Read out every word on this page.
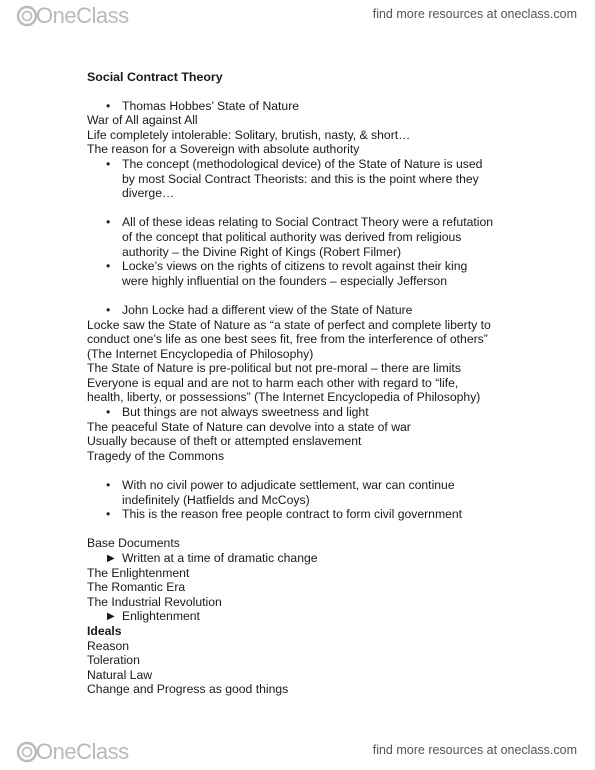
OneClass	find more resources at oneclass.com
Social Contract Theory
• Thomas Hobbes’ State of Nature
War of All against All
Life completely intolerable: Solitary, brutish, nasty, & short…
The reason for a Sovereign with absolute authority
• The concept (methodological device) of the State of Nature is used
by most Social Contract Theorists: and this is the point where they
diverge…
• All of these ideas relating to Social Contract Theory were a refutation
of the concept that political authority was derived from religious
authority – the Divine Right of Kings (Robert Filmer)
• Locke’s views on the rights of citizens to revolt against their king
were highly influential on the founders – especially Jefferson
• John Locke had a different view of the State of Nature
Locke saw the State of Nature as “a state of perfect and complete liberty to
conduct one’s life as one best sees fit, free from the interference of others”
(The Internet Encyclopedia of Philosophy)
The State of Nature is pre-political but not pre-moral – there are limits
Everyone is equal and are not to harm each other with regard to “life,
health, liberty, or possessions” (The Internet Encyclopedia of Philosophy)
• But things are not always sweetness and light
The peaceful State of Nature can devolve into a state of war
Usually because of theft or attempted enslavement
Tragedy of the Commons
• With no civil power to adjudicate settlement, war can continue
indefinitely (Hatfields and McCoys)
• This is the reason free people contract to form civil government
Base Documents
▶ Written at a time of dramatic change
The Enlightenment
The Romantic Era
The Industrial Revolution
▶ Enlightenment
Ideals
Reason
Toleration
Natural Law
Change and Progress as good things
OneClass	find more resources at oneclass.com
